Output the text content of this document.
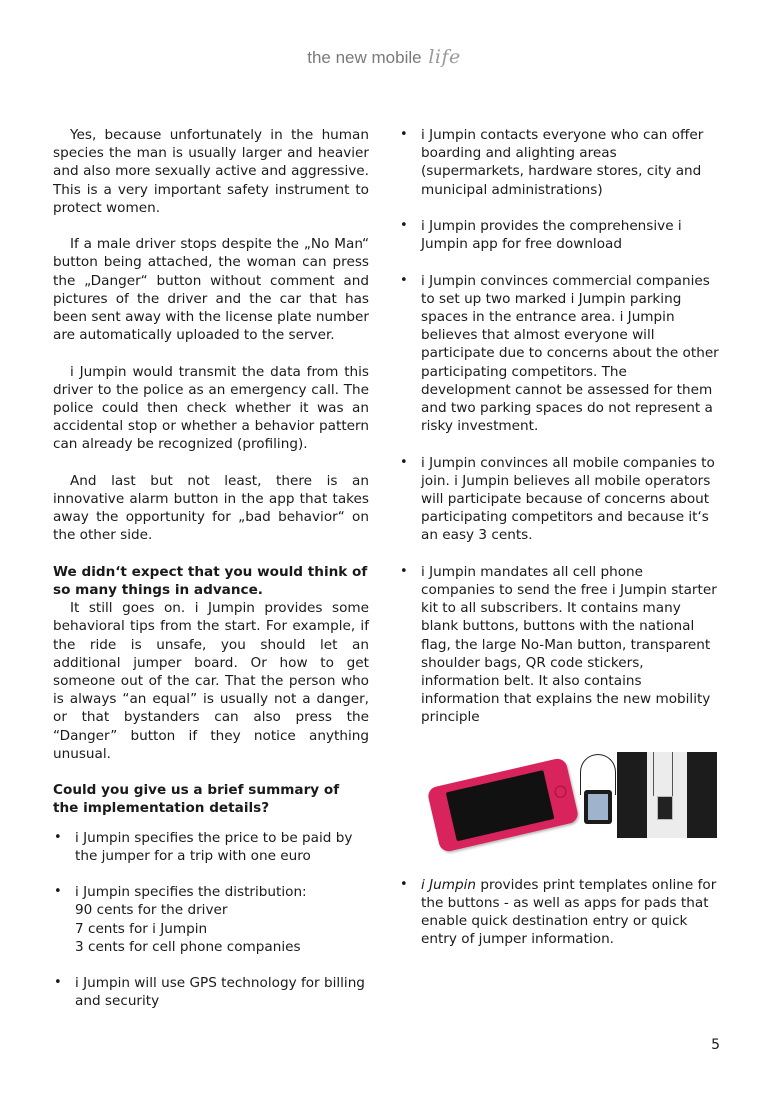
the new mobile life

Yes, because unfortunately in the human species the man is usually larger and heavier and also more sexually active and aggressive. This is a very important safety instrument to protect women.

If a male driver stops despite the „No Man“ button being attached, the woman can press the „Danger“ button without comment and pictures of the driver and the car that has been sent away with the license plate number are automatically uploaded to the server.

i Jumpin would transmit the data from this driver to the police as an emergency call. The police could then check whether it was an accidental stop or whether a behavior pattern can already be recognized (profiling).

And last but not least, there is an innovative alarm button in the app that takes away the opportunity for „bad behavior“ on the other side.

We didn‘t expect that you would think of so many things in advance.

It still goes on. i Jumpin provides some behavioral tips from the start. For example, if the ride is unsafe, you should let an additional jumper board. Or how to get someone out of the car. That the person who is always “an equal” is usually not a danger, or that bystanders can also press the “Danger” button if they notice anything unusual.

Could you give us a brief summary of the implementation details?

• i Jumpin specifies the price to be paid by the jumper for a trip with one euro
• i Jumpin specifies the distribution:
90 cents for the driver
7 cents for i Jumpin
3 cents for cell phone companies
• i Jumpin will use GPS technology for billing and security
• i Jumpin contacts everyone who can offer boarding and alighting areas (supermarkets, hardware stores, city and municipal administrations)
• i Jumpin provides the comprehensive i Jumpin app for free download
• i Jumpin convinces commercial companies to set up two marked i Jumpin parking spaces in the entrance area. i Jumpin believes that almost everyone will participate due to concerns about the other participating competitors. The development cannot be assessed for them and two parking spaces do not represent a risky investment.
• i Jumpin convinces all mobile companies to join. i Jumpin believes all mobile operators will participate because of concerns about participating competitors and because it‘s an easy 3 cents.
• i Jumpin mandates all cell phone companies to send the free i Jumpin starter kit to all subscribers. It contains many blank buttons, buttons with the national flag, the large No-Man button, transparent shoulder bags, QR code stickers, information belt. It also contains information that explains the new mobility principle
• i Jumpin provides print templates online for the buttons - as well as apps for pads that enable quick destination entry or quick entry of jumper information.
5
